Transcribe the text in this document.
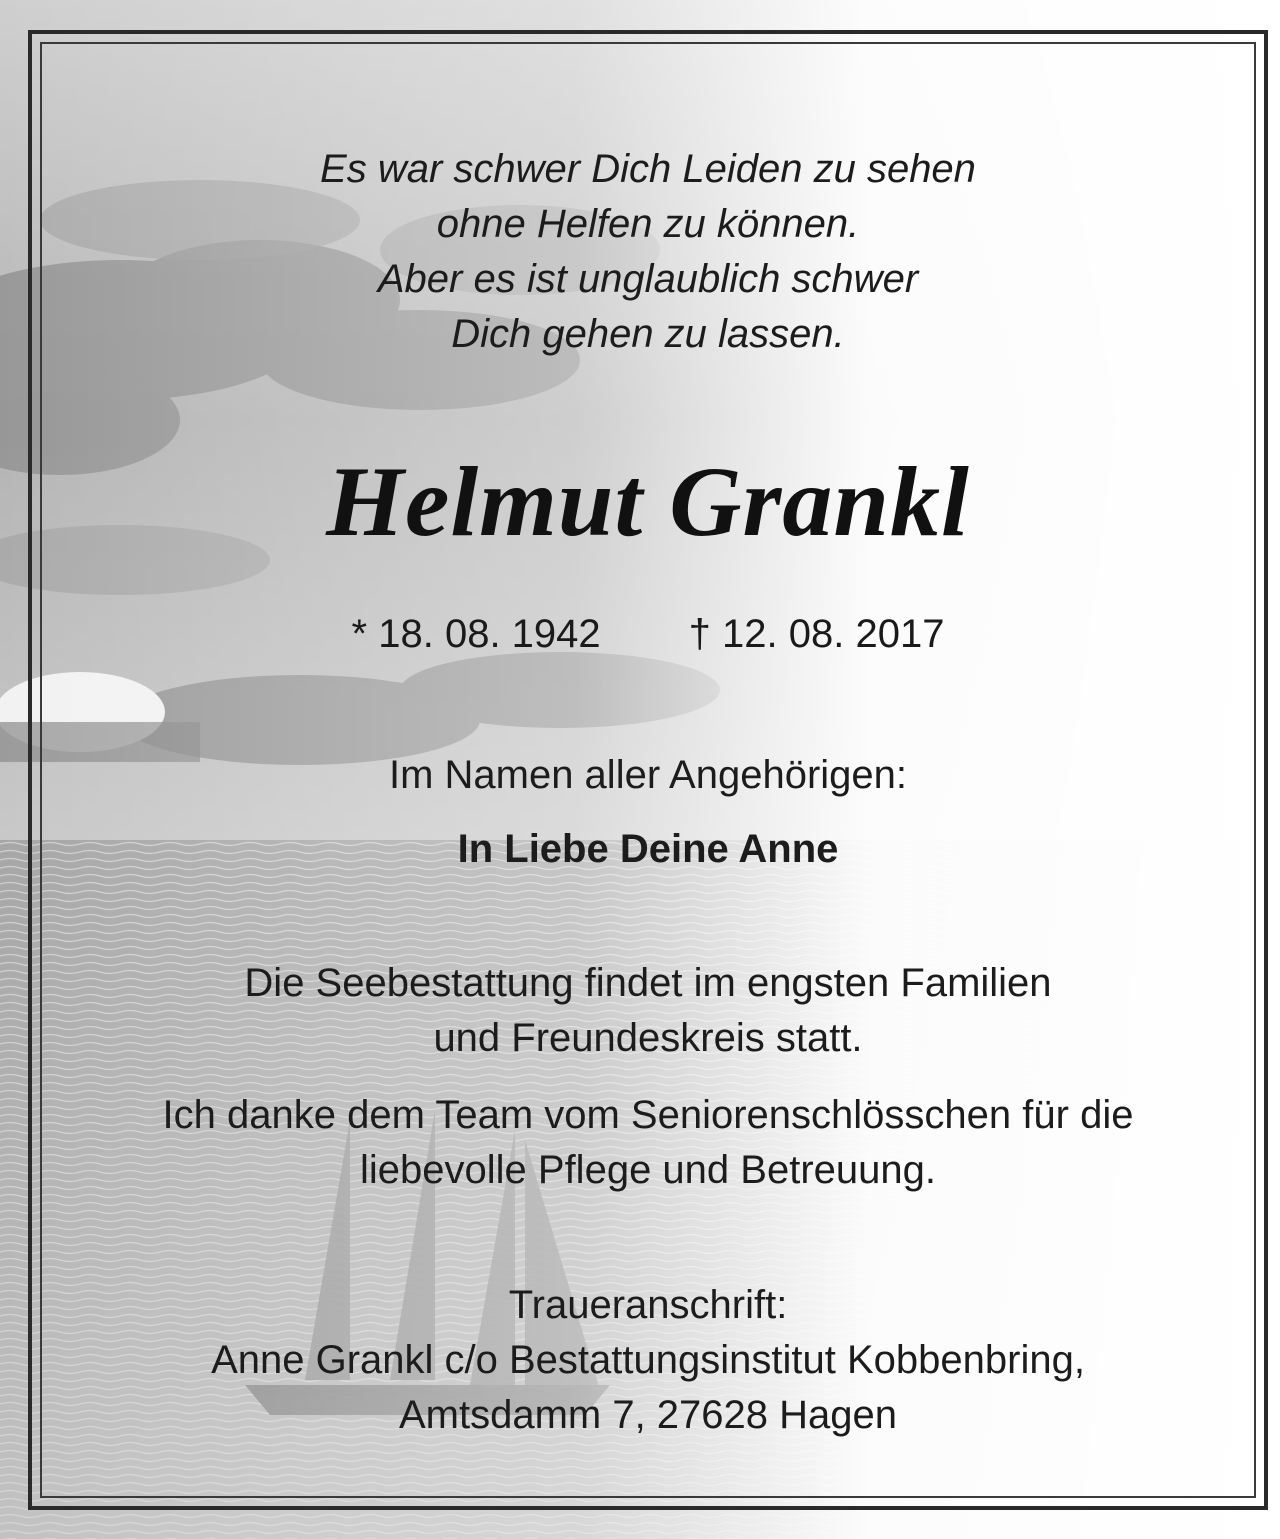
Es war schwer Dich Leiden zu sehen
ohne Helfen zu können.
Aber es ist unglaublich schwer
Dich gehen zu lassen.
Helmut Grankl
* 18. 08. 1942 † 12. 08. 2017
Im Namen aller Angehörigen:
In Liebe Deine Anne
Die Seebestattung findet im engsten Familien
und Freundeskreis statt.
Ich danke dem Team vom Seniorenschlösschen für die
liebevolle Pflege und Betreuung.
Traueranschrift:
Anne Grankl c/o Bestattungsinstitut Kobbenbring,
Amtsdamm 7, 27628 Hagen
